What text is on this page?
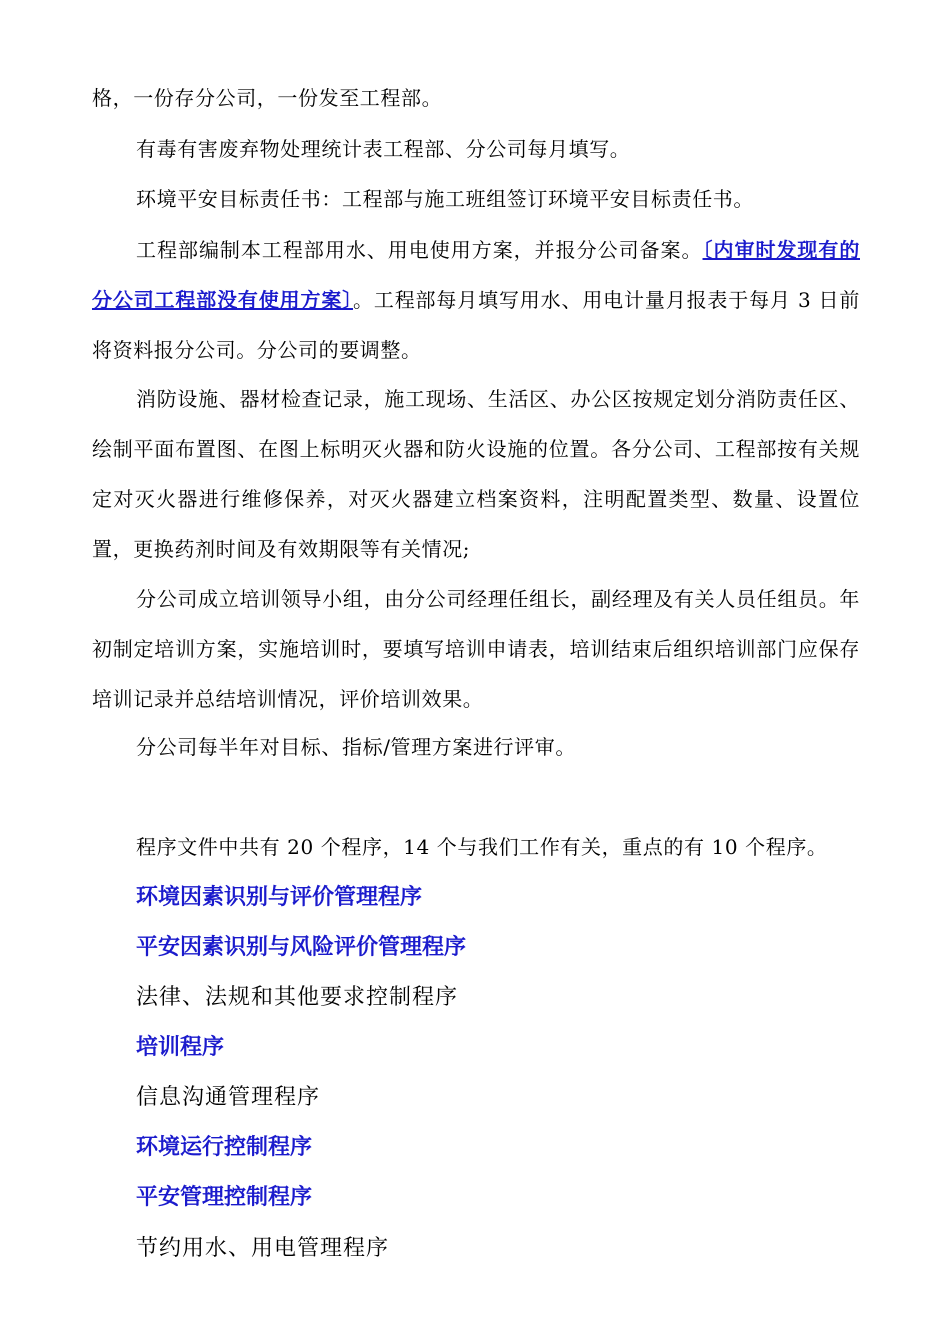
格，一份存分公司，一份发至工程部。

有毒有害废弃物处理统计表工程部、分公司每月填写。

环境平安目标责任书：工程部与施工班组签订环境平安目标责任书。

工程部编制本工程部用水、用电使用方案，并报分公司备案。〔内审时发现有的分公司工程部没有使用方案〕。工程部每月填写用水、用电计量月报表于每月 3 日前将资料报分公司。分公司的要调整。

消防设施、器材检查记录，施工现场、生活区、办公区按规定划分消防责任区、绘制平面布置图、在图上标明灭火器和防火设施的位置。各分公司、工程部按有关规定对灭火器进行维修保养，对灭火器建立档案资料，注明配置类型、数量、设置位置，更换药剂时间及有效期限等有关情况;

分公司成立培训领导小组，由分公司经理任组长，副经理及有关人员任组员。年初制定培训方案，实施培训时，要填写培训申请表，培训结束后组织培训部门应保存培训记录并总结培训情况，评价培训效果。

分公司每半年对目标、指标/管理方案进行评审。

程序文件中共有 20 个程序，14 个与我们工作有关，重点的有 10 个程序。

环境因素识别与评价管理程序

平安因素识别与风险评价管理程序

法律、法规和其他要求控制程序

培训程序

信息沟通管理程序

环境运行控制程序

平安管理控制程序

节约用水、用电管理程序
